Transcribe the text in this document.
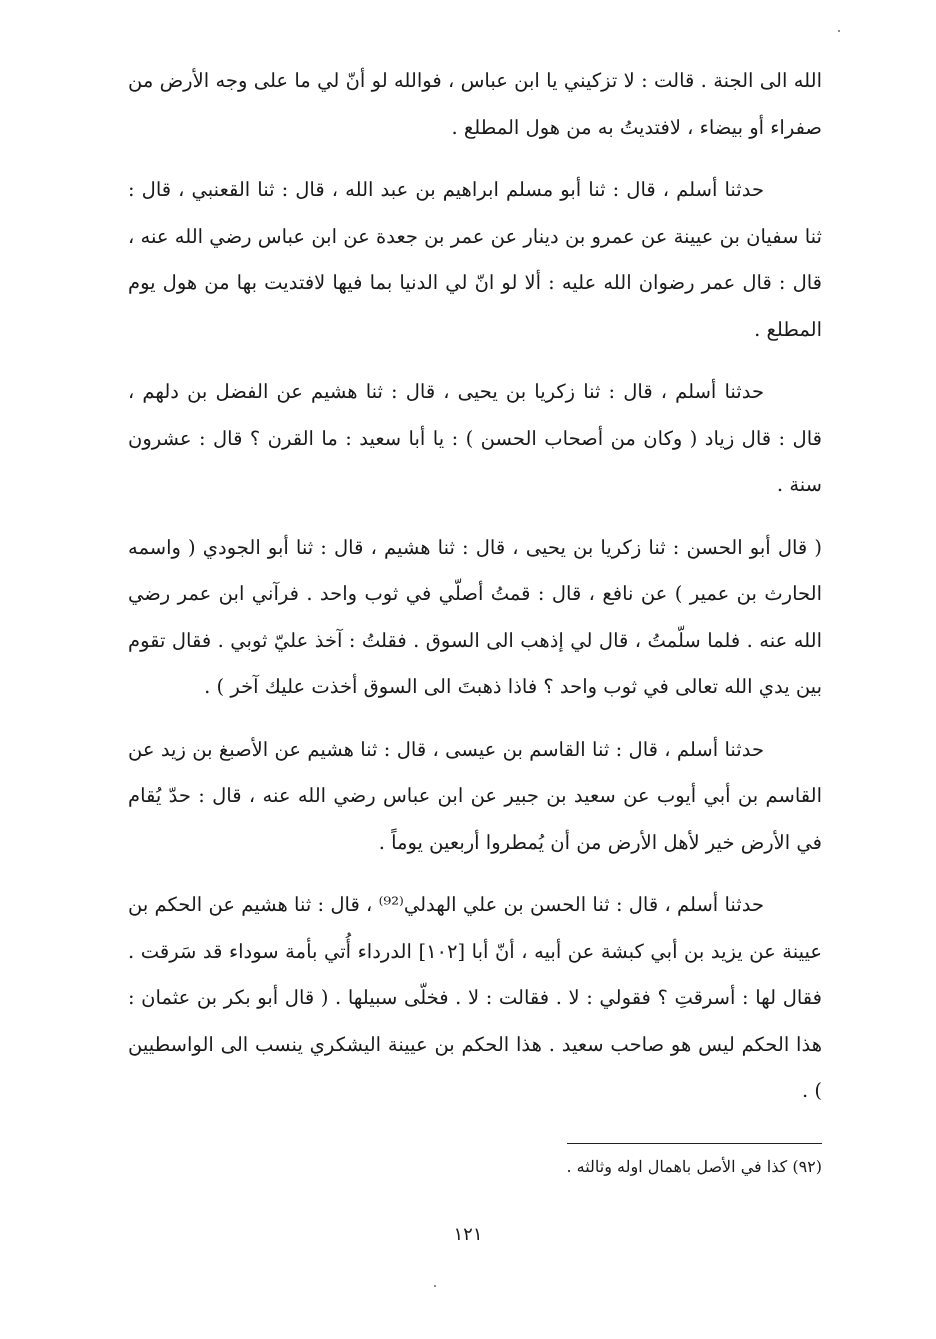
الله الى الجنة . قالت : لا تزكيني يا ابن عباس ، فوالله لو أنّ لي ما على وجه الأرض من صفراء أو بيضاء ، لافتديتُ به من هول المطلع .

حدثنا أسلم ، قال : ثنا أبو مسلم ابراهيم بن عبد الله ، قال : ثنا القعنبي ، قال : ثنا سفيان بن عيينة عن عمرو بن دينار عن عمر بن جعدة عن ابن عباس رضي الله عنه ، قال : قال عمر رضوان الله عليه : ألا لو انّ لي الدنيا بما فيها لافتديت بها من هول يوم المطلع .

حدثنا أسلم ، قال : ثنا زكريا بن يحيى ، قال : ثنا هشيم عن الفضل بن دلهم ، قال : قال زياد ( وكان من أصحاب الحسن ) : يا أبا سعيد : ما القرن ؟ قال : عشرون سنة .

( قال أبو الحسن : ثنا زكريا بن يحيى ، قال : ثنا هشيم ، قال : ثنا أبو الجودي ( واسمه الحارث بن عمير ) عن نافع ، قال : قمتُ أصلّي في ثوب واحد . فرآني ابن عمر رضي الله عنه . فلما سلّمتُ ، قال لي إذهب الى السوق . فقلتُ : آخذ عليّ ثوبي . فقال تقوم بين يدي الله تعالى في ثوب واحد ؟ فاذا ذهبتَ الى السوق أخذت عليك آخر ) .

حدثنا أسلم ، قال : ثنا القاسم بن عيسى ، قال : ثنا هشيم عن الأصبغ بن زيد عن القاسم بن أبي أيوب عن سعيد بن جبير عن ابن عباس رضي الله عنه ، قال : حدّ يُقام في الأرض خير لأهل الأرض من أن يُمطروا أربعين يوماً .

حدثنا أسلم ، قال : ثنا الحسن بن علي الهدلي⁽⁹²⁾ ، قال : ثنا هشيم عن الحكم بن عيينة عن يزيد بن أبي كبشة عن أبيه ، أنّ أبا [١٠٢] الدرداء أُتي بأمة سوداء قد سَرقت . فقال لها : أسرقتِ ؟ فقولي : لا . فقالت : لا . فخلّى سبيلها . ( قال أبو بكر بن عثمان : هذا الحكم ليس هو صاحب سعيد . هذا الحكم بن عيينة اليشكري ينسب الى الواسطيين ) .

(٩٢) كذا في الأصل باهمال اوله وثالثه .
١٢١
